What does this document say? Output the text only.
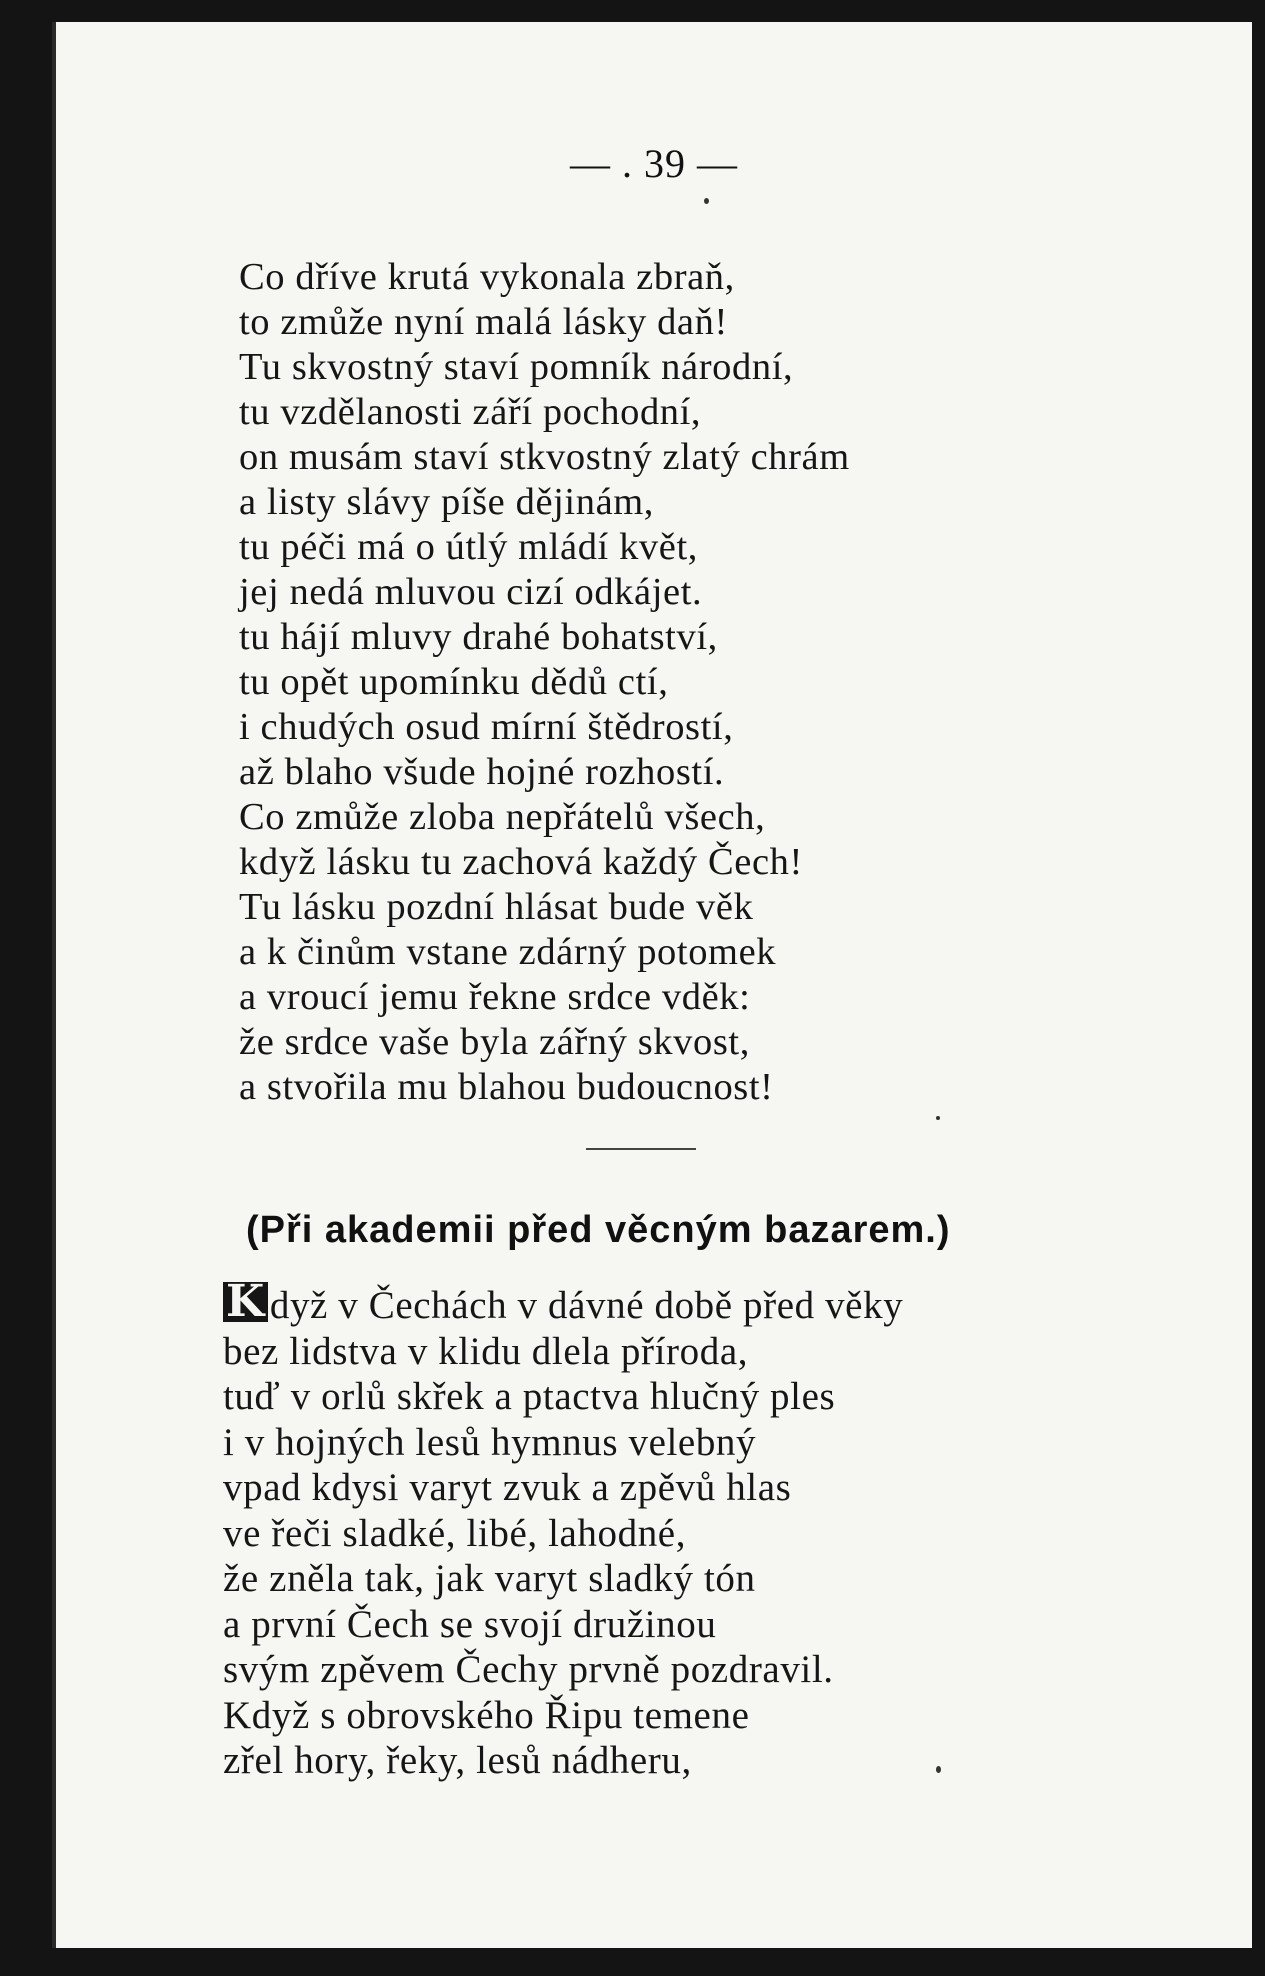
— . 39 —
Co dříve krutá vykonala zbraň,
to zmůže nyní malá lásky daň!
Tu skvostný staví pomník národní,
tu vzdělanosti září pochodní,
on musám staví stkvostný zlatý chrám
a listy slávy píše dějinám,
tu péči má o útlý mládí květ,
jej nedá mluvou cizí odkájet.
tu hájí mluvy drahé bohatství,
tu opět upomínku dědů ctí,
i chudých osud mírní štědrostí,
až blaho všude hojné rozhostí.
Co zmůže zloba nepřátelů všech,
když lásku tu zachová každý Čech!
Tu lásku pozdní hlásat bude věk
a k činům vstane zdárný potomek
a vroucí jemu řekne srdce vděk:
že srdce vaše byla zářný skvost,
a stvořila mu blahou budoucnost!
(Při akademii před věcným bazarem.)
K dyž v Čechách v dávné době před věky
bez lidstva v klidu dlela příroda,
tuď v orlů skřek a ptactva hlučný ples
i v hojných lesů hymnus velebný
vpad kdysi varyt zvuk a zpěvů hlas
ve řeči sladké, libé, lahodné,
že zněla tak, jak varyt sladký tón
a první Čech se svojí družinou
svým zpěvem Čechy prvně pozdravil.
Když s obrovského Řipu temene
zřel hory, řeky, lesů nádheru,
